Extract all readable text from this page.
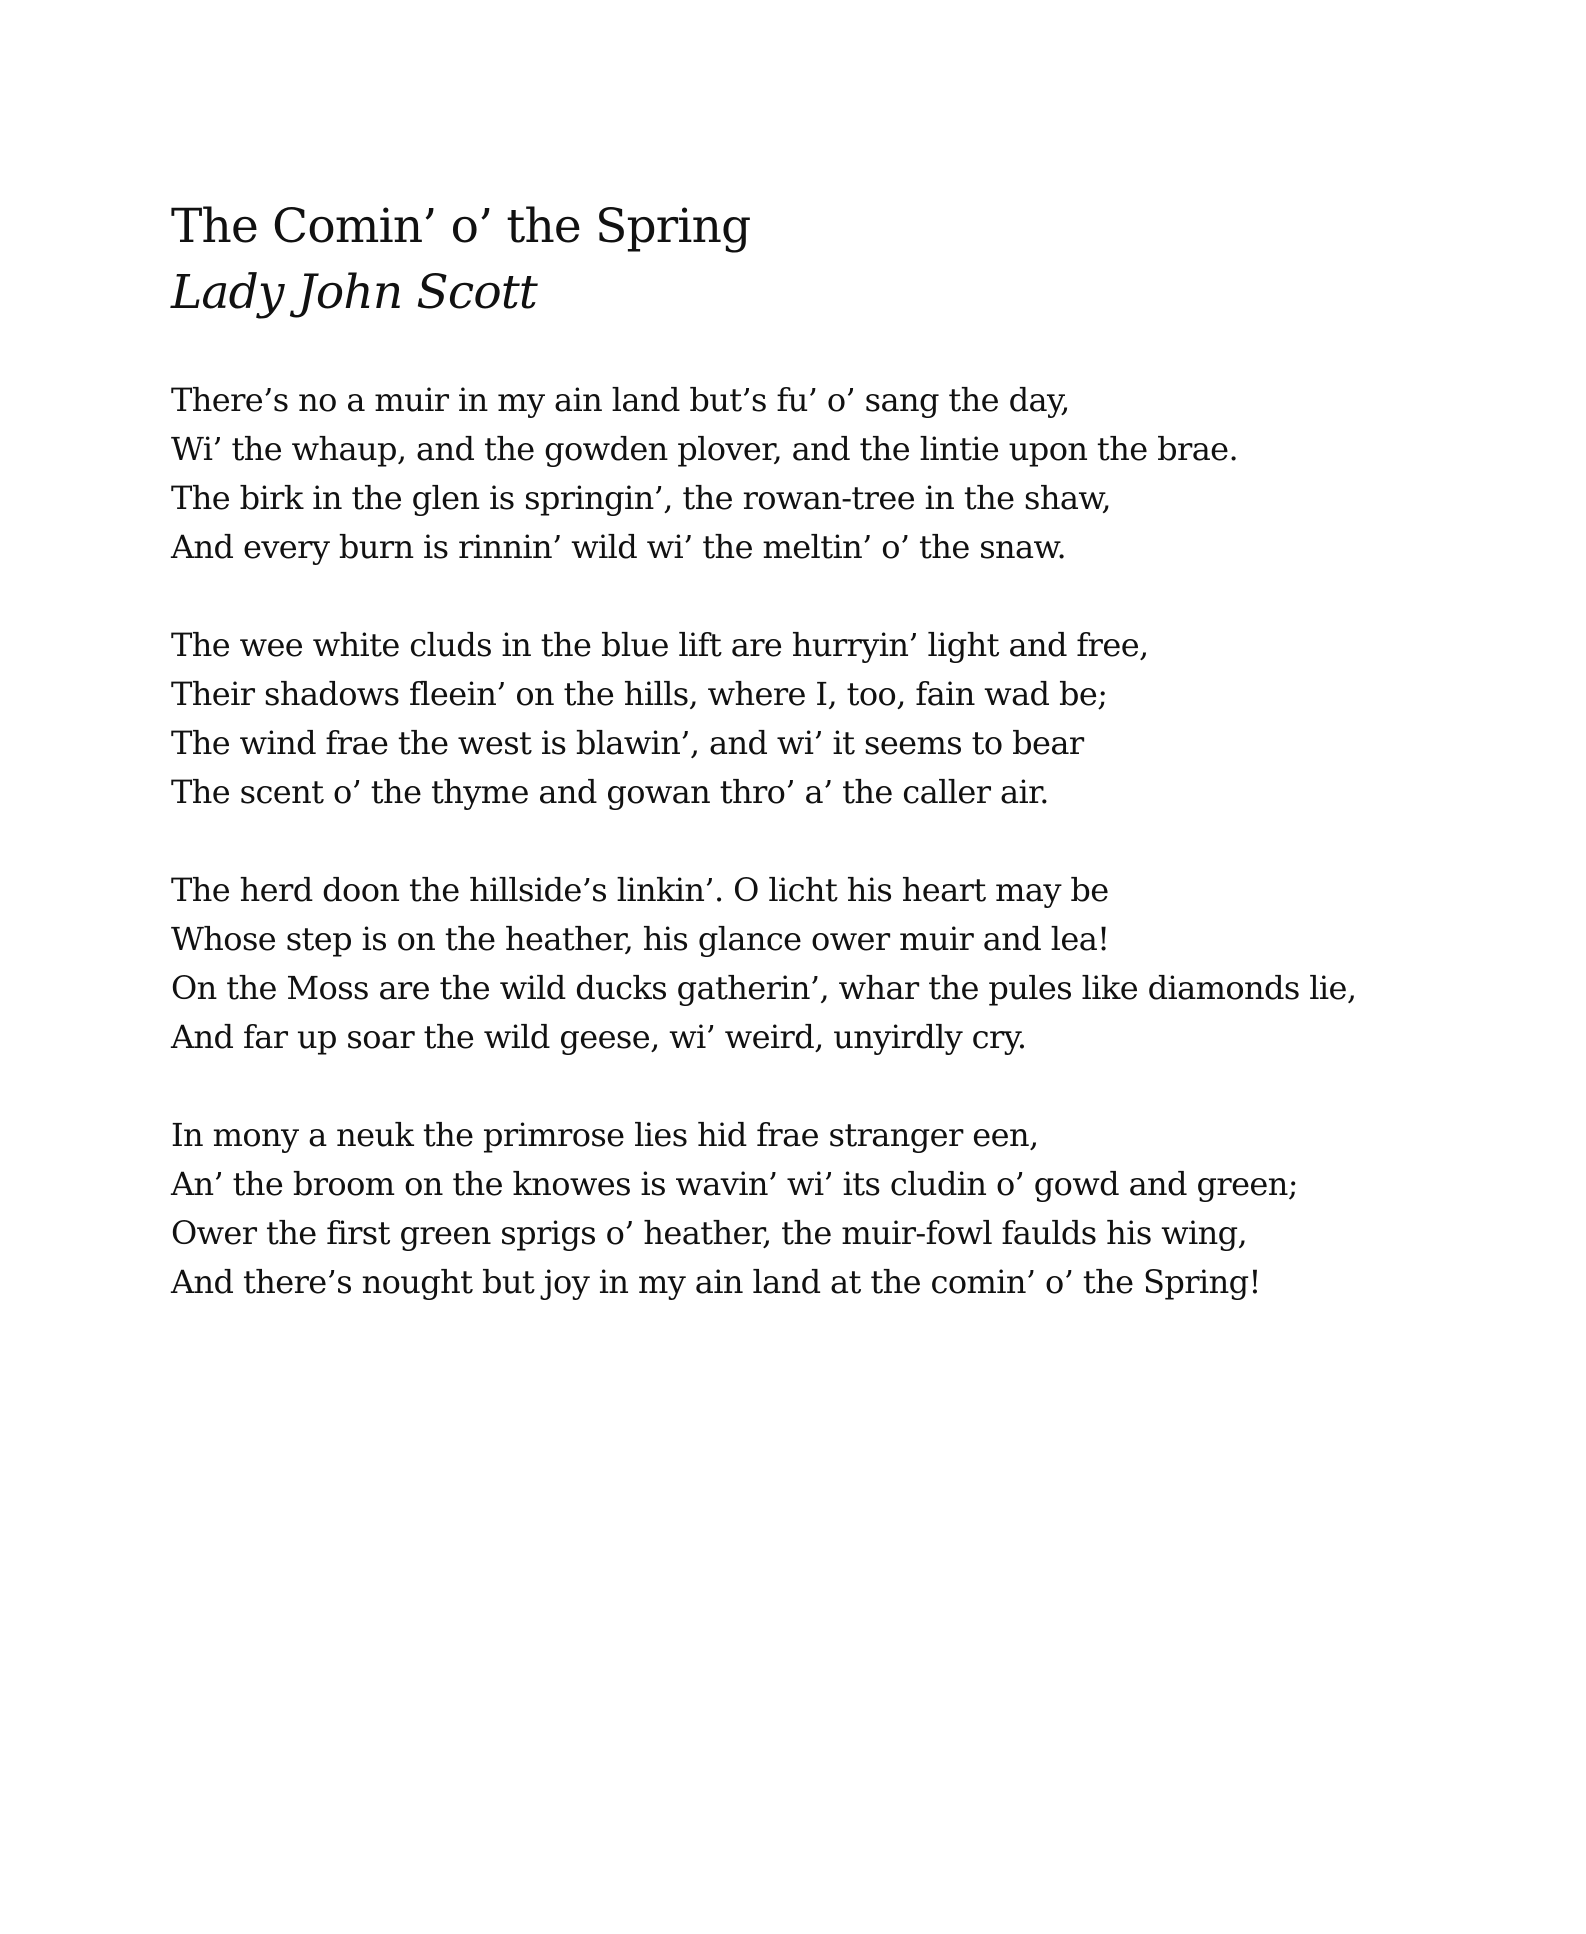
The Comin’ o’ the Spring
Lady John Scott
There’s no a muir in my ain land but’s fu’ o’ sang the day,
Wi’ the whaup, and the gowden plover, and the lintie upon the brae.
The birk in the glen is springin’, the rowan-tree in the shaw,
And every burn is rinnin’ wild wi’ the meltin’ o’ the snaw.
The wee white cluds in the blue lift are hurryin’ light and free,
Their shadows fleein’ on the hills, where I, too, fain wad be;
The wind frae the west is blawin’, and wi’ it seems to bear
The scent o’ the thyme and gowan thro’ a’ the caller air.
The herd doon the hillside’s linkin’. O licht his heart may be
Whose step is on the heather, his glance ower muir and lea!
On the Moss are the wild ducks gatherin’, whar the pules like diamonds lie,
And far up soar the wild geese, wi’ weird, unyirdly cry.
In mony a neuk the primrose lies hid frae stranger een,
An’ the broom on the knowes is wavin’ wi’ its cludin o’ gowd and green;
Ower the first green sprigs o’ heather, the muir-fowl faulds his wing,
And there’s nought but joy in my ain land at the comin’ o’ the Spring!
